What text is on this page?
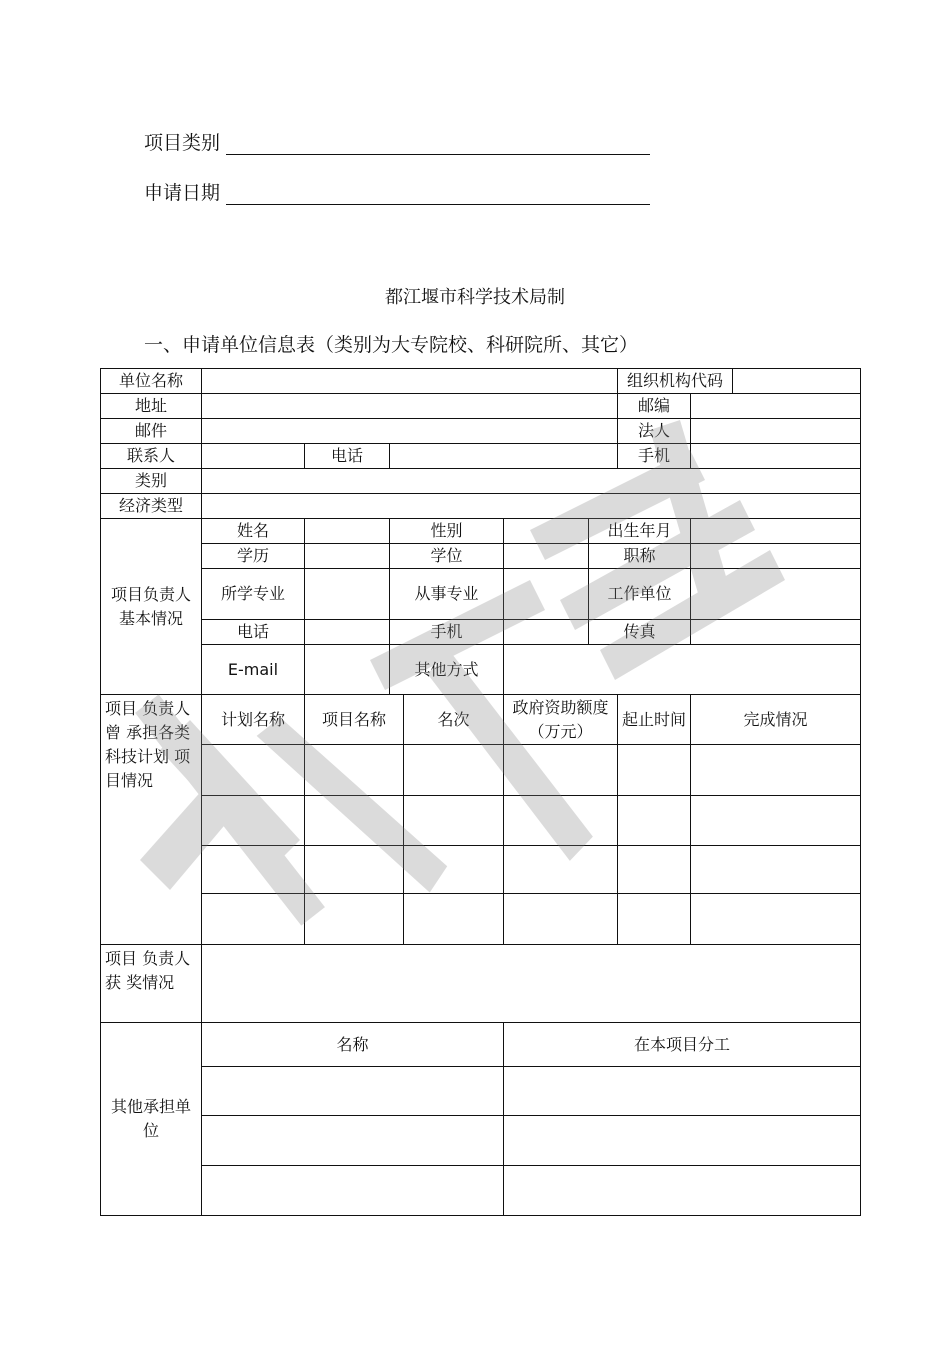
项目类别
申请日期
都江堰市科学技术局制
一、申请单位信息表（类别为大专院校、科研院所、其它）
单位名称							组织机构代码		
地址							邮编		
邮件							法人		
联系人		电话					手机		
类别									
经济类型									
项目负责人基本情况	姓名		性别			出生年月			
	学历		学位			职称			
	所学专业		从事专业			工作单位			
	电话		手机			传真			
	E-mail		其他方式						
项目 负责人曾 承担各类 科技计划 项目情况	计划名称	项目名称		名次	政府资助额度（万元）		起止时间	完成情况	

项目 负责人获 奖情况									
其他承担单位	名称				在本项目分工				
